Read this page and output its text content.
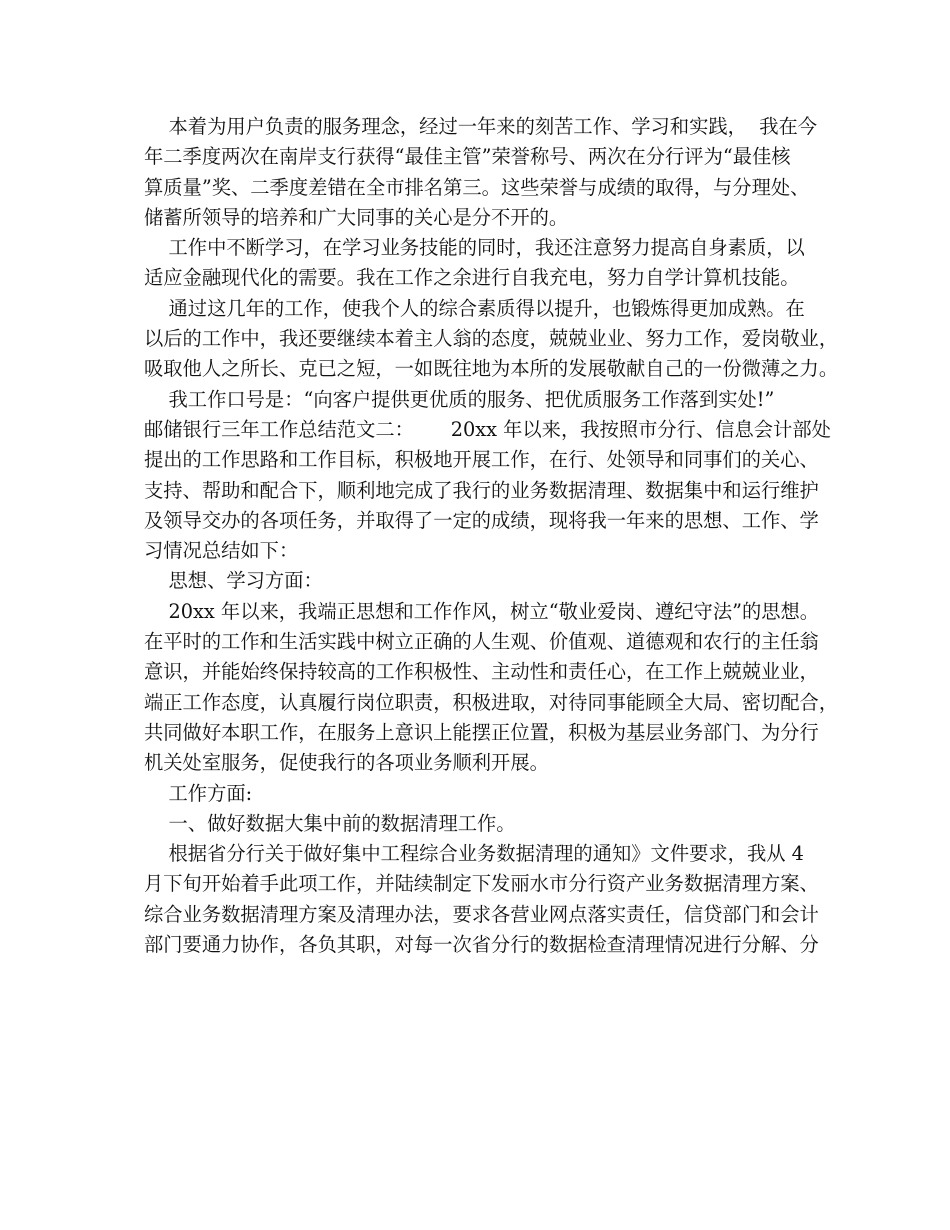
本着为用户负责的服务理念，经过一年来的刻苦工作、学习和实践，  我在今
年二季度两次在南岸支行获得“最佳主管”荣誉称号、两次在分行评为“最佳核
算质量”奖、二季度差错在全市排名第三。这些荣誉与成绩的取得，与分理处、
储蓄所领导的培养和广大同事的关心是分不开的。
工作中不断学习，在学习业务技能的同时，我还注意努力提高自身素质，以
适应金融现代化的需要。我在工作之余进行自我充电，努力自学计算机技能。
通过这几年的工作，使我个人的综合素质得以提升，也锻炼得更加成熟。在
以后的工作中，我还要继续本着主人翁的态度，兢兢业业、努力工作，爱岗敬业，
吸取他人之所长、克已之短，一如既往地为本所的发展敬献自己的一份微薄之力。
我工作口号是：“向客户提供更优质的服务、把优质服务工作落到实处!”
邮储银行三年工作总结范文二：      20xx 年以来，我按照市分行、信息会计部处
提出的工作思路和工作目标，积极地开展工作，在行、处领导和同事们的关心、
支持、帮助和配合下，顺利地完成了我行的业务数据清理、数据集中和运行维护
及领导交办的各项任务，并取得了一定的成绩，现将我一年来的思想、工作、学
习情况总结如下：
思想、学习方面：
20xx 年以来，我端正思想和工作作风，树立“敬业爱岗、遵纪守法”的思想。
在平时的工作和生活实践中树立正确的人生观、价值观、道德观和农行的主任翁
意识，并能始终保持较高的工作积极性、主动性和责任心，在工作上兢兢业业，
端正工作态度，认真履行岗位职责，积极进取，对待同事能顾全大局、密切配合，
共同做好本职工作，在服务上意识上能摆正位置，积极为基层业务部门、为分行
机关处室服务，促使我行的各项业务顺利开展。
工作方面:
一、做好数据大集中前的数据清理工作。
根据省分行关于做好集中工程综合业务数据清理的通知》文件要求，我从 4
月下旬开始着手此项工作，并陆续制定下发丽水市分行资产业务数据清理方案、
综合业务数据清理方案及清理办法，要求各营业网点落实责任，信贷部门和会计
部门要通力协作，各负其职，对每一次省分行的数据检查清理情况进行分解、分
